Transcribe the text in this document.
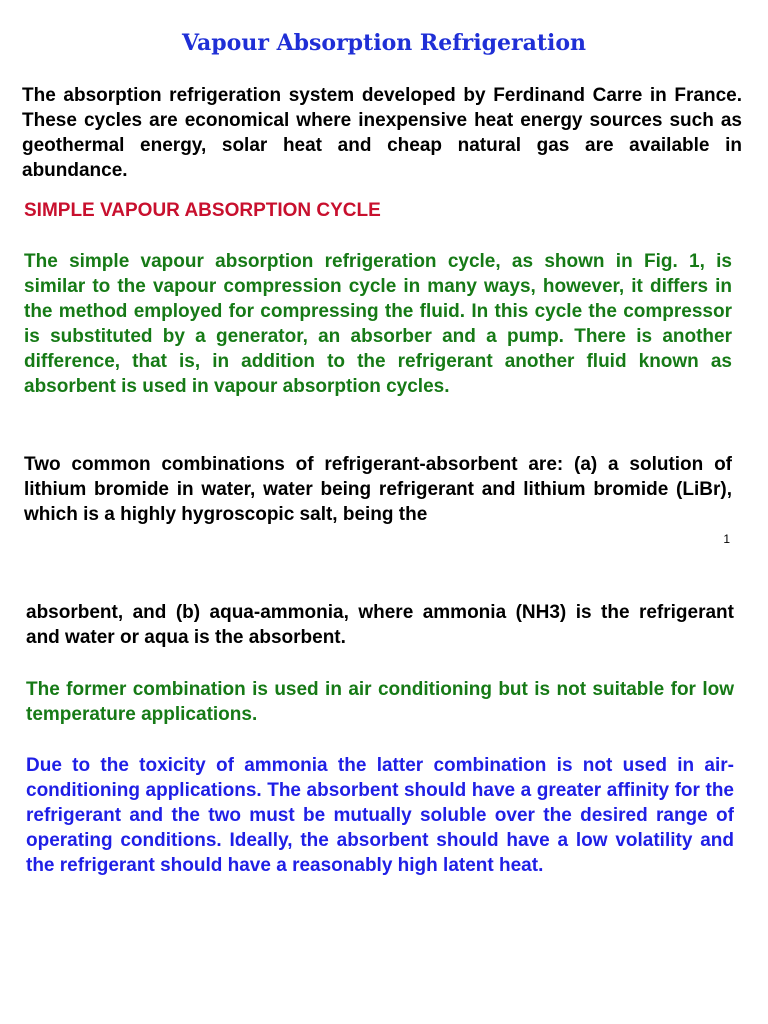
Vapour Absorption Refrigeration

The absorption refrigeration system developed by Ferdinand Carre in France. These cycles are economical where inexpensive heat energy sources such as geothermal energy, solar heat and cheap natural gas are available in abundance.

SIMPLE VAPOUR ABSORPTION CYCLE

The simple vapour absorption refrigeration cycle, as shown in Fig. 1, is similar to the vapour compression cycle in many ways, however, it differs in the method employed for compressing the fluid. In this cycle the compressor is substituted by a generator, an absorber and a pump. There is another difference, that is, in addition to the refrigerant another fluid known as absorbent is used in vapour absorption cycles.

Two common combinations of refrigerant-absorbent are: (a) a solution of lithium bromide in water, water being refrigerant and lithium bromide (LiBr), which is a highly hygroscopic salt, being the

1

absorbent, and (b) aqua-ammonia, where ammonia (NH3) is the refrigerant and water or aqua is the absorbent.

The former combination is used in air conditioning but is not suitable for low temperature applications.

Due to the toxicity of ammonia the latter combination is not used in air-conditioning applications. The absorbent should have a greater affinity for the refrigerant and the two must be mutually soluble over the desired range of operating conditions. Ideally, the absorbent should have a low volatility and the refrigerant should have a reasonably high latent heat.
